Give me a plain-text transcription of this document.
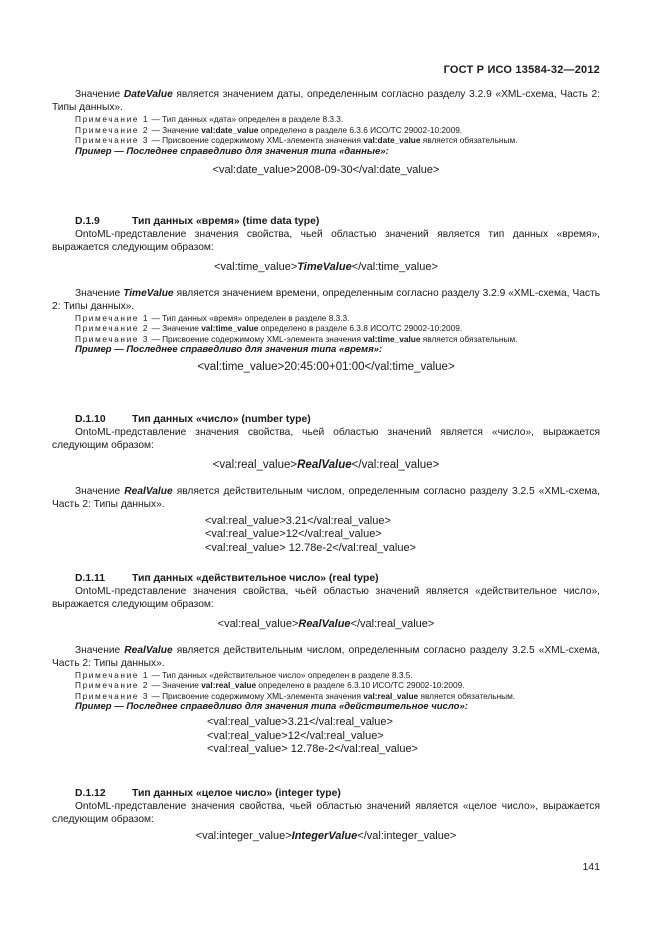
ГОСТ Р ИСО 13584-32—2012

Значение DateValue является значением даты, определенным согласно разделу 3.2.9 «XML-схема, Часть 2: Типы данных».

Примечание 1 — Тип данных «дата» определен в разделе 8.3.3.
Примечание 2 — Значение val:date_value определено в разделе 6.3.6 ИСО/ТС 29002-10:2009.
Примечание 3 — Присвоение содержимому XML-элемента значения val:date_value является обязательным.
Пример — Последнее справедливо для значения типа «данные»:
<val:date_value>2008-09-30</val:date_value>
D.1.9	Тип данных «время» (time data type)

OntoML-представление значения свойства, чьей областью значений является тип данных «время», выражается следующим образом:

<val:time_value>TimeValue</val:time_value>

Значение TimeValue является значением времени, определенным согласно разделу 3.2.9 «XML-схема, Часть 2: Типы данных».

Примечание 1 — Тип данных «время» определен в разделе 8.3.3.
Примечание 2 — Значение val:time_value определено в разделе 6.3.8 ИСО/ТС 29002-10:2009.
Примечание 3 — Присвоение содержимому XML-элемента значения val:time_value является обязательным.
Пример — Последнее справедливо для значения типа «время»:
<val:time_value>20:45:00+01:00</val:time_value>
D.1.10	Тип данных «число» (number type)

OntoML-представление значения свойства, чьей областью значений является «число», выражается следующим образом:

<val:real_value>RealValue</val:real_value>

Значение RealValue является действительным числом, определенным согласно разделу 3.2.5 «XML-схема, Часть 2: Типы данных».

<val:real_value>3.21</val:real_value>
<val:real_value>12</val:real_value>
<val:real_value> 12.78e-2</val:real_value>
D.1.11	Тип данных «действительное число» (real type)

OntoML-представление значения свойства, чьей областью значений является «действительное число», выражается следующим образом:

<val:real_value>RealValue</val:real_value>

Значение RealValue является действительным числом, определенным согласно разделу 3.2.5 «XML-схема, Часть 2: Типы данных».

Примечание 1 — Тип данных «действительное число» определен в разделе 8.3.5.
Примечание 2 — Значение val:real_value определено в разделе 6.3.10 ИСО/ТС 29002-10:2009.
Примечание 3 — Присвоение содержимому XML-элемента значения val:real_value является обязательным.
Пример — Последнее справедливо для значения типа «действительное число»:
<val:real_value>3.21</val:real_value>
<val:real_value>12</val:real_value>
<val:real_value> 12.78e-2</val:real_value>
D.1.12	Тип данных «целое число» (integer type)

OntoML-представление значения свойства, чьей областью значений является «целое число», выражается следующим образом:

<val:integer_value>IntegerValue</val:integer_value>
141
